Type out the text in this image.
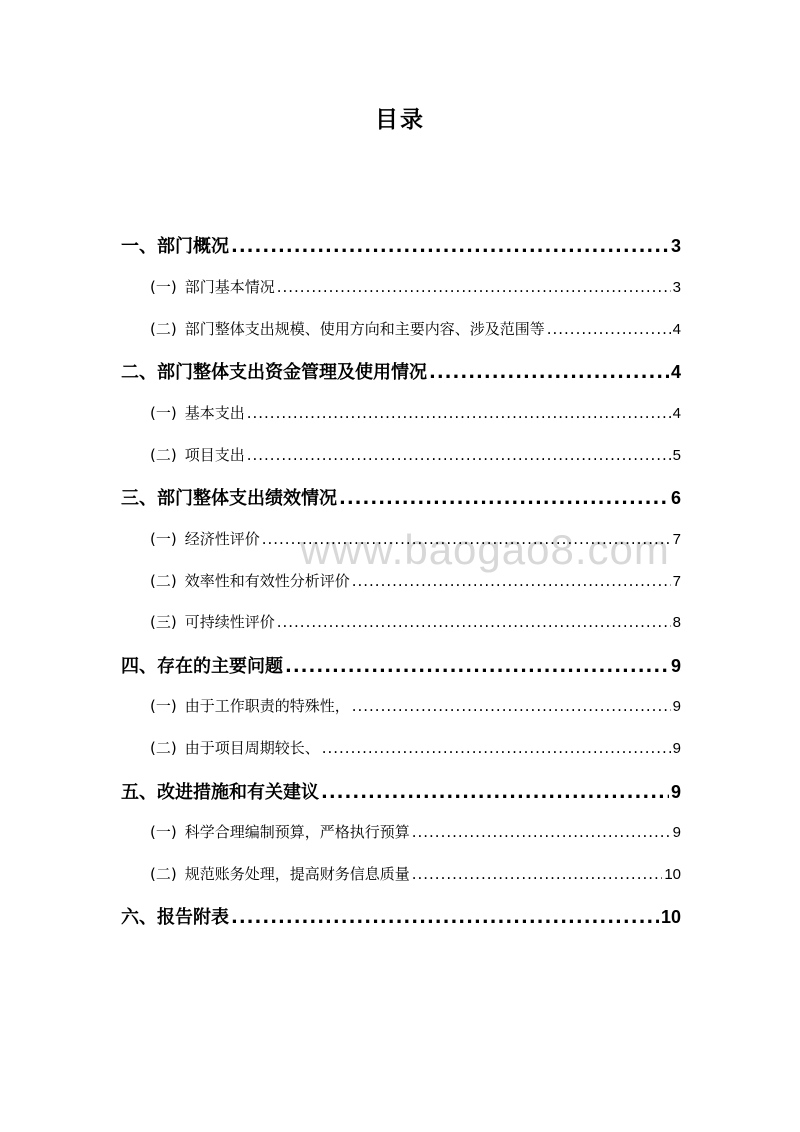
目录
www.baogao8.com
一、部门概况 .....	3
(一) 部门基本情况 .....	3
(二) 部门整体支出规模、使用方向和主要内容、涉及范围等 .....	4
二、部门整体支出资金管理及使用情况 .....	4
(一) 基本支出 .....	4
(二) 项目支出 .....	5
三、部门整体支出绩效情况 .....	6
(一) 经济性评价 .....	7
(二) 效率性和有效性分析评价 .....	7
(三) 可持续性评价 .....	8
四、存在的主要问题 .....	9
(一) 由于工作职责的特殊性， .....	9
(二) 由于项目周期较长、 .....	9
五、改进措施和有关建议 .....	9
(一) 科学合理编制预算，严格执行预算 .....	9
(二) 规范账务处理，提高财务信息质量 .....	10
六、报告附表 .....	10
